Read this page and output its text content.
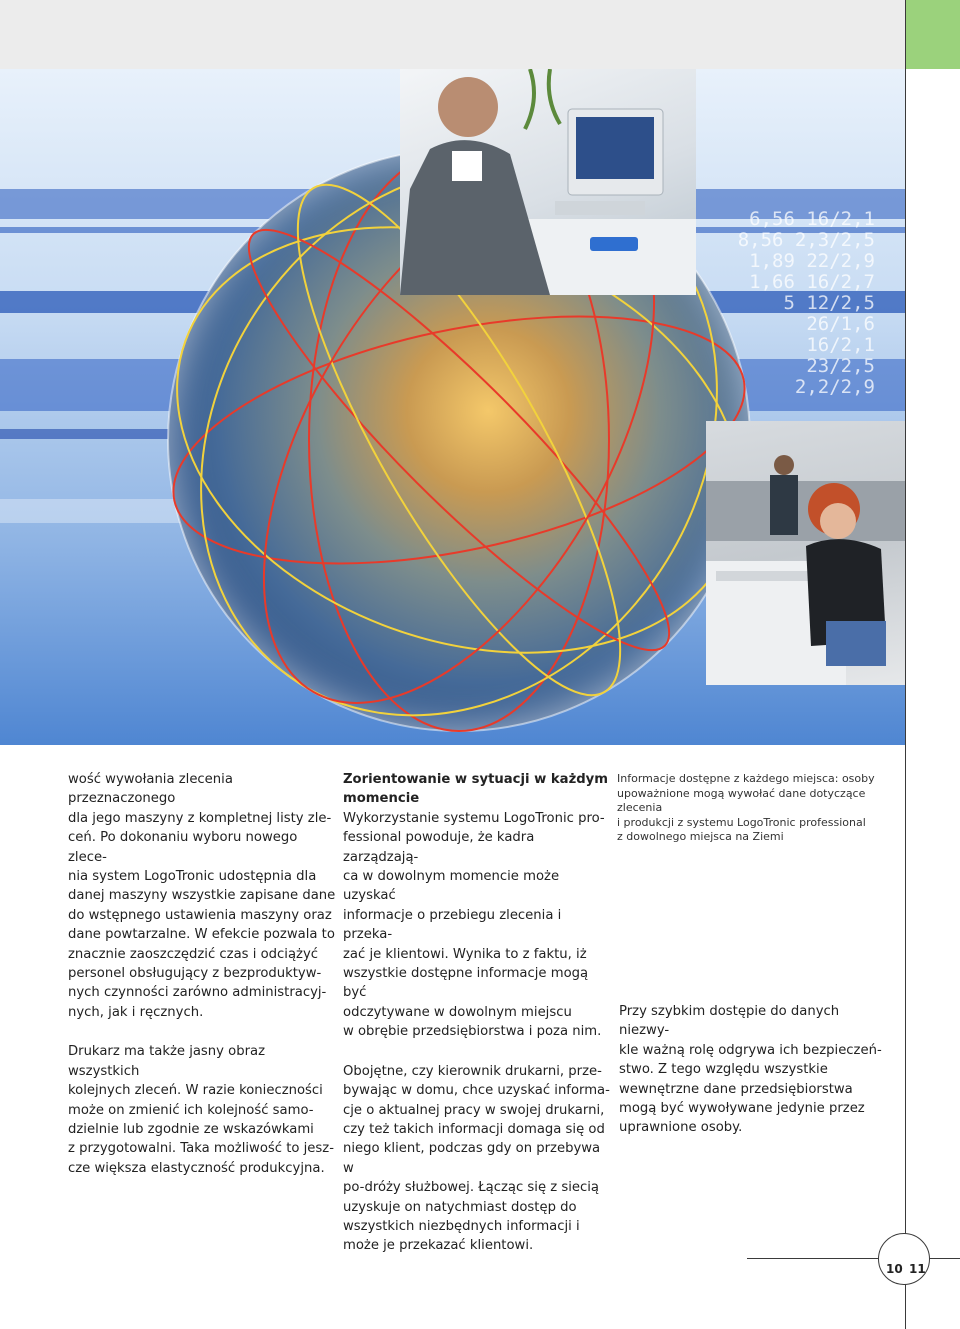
6,56 16/2,1
8,56 2,3/2,5
1,89 22/2,9
1,66 16/2,7
5 12/2,5
26/1,6
16/2,1
23/2,5
2,2/2,9

wość wywołania zlecenia przeznaczonego
dla jego maszyny z kompletnej listy zle-
ceń. Po dokonaniu wyboru nowego zlece-
nia system LogoTronic udostępnia dla
danej maszyny wszystkie zapisane dane
do wstępnego ustawienia maszyny oraz
dane powtarzalne. W efekcie pozwala to
znacznie zaoszczędzić czas i odciążyć
personel obsługujący z bezproduktyw-
nych czynności zarówno administracyj-
nych, jak i ręcznych.

Drukarz ma także jasny obraz wszystkich
kolejnych zleceń. W razie konieczności
może on zmienić ich kolejność samo-
dzielnie lub zgodnie ze wskazówkami
z przygotowalni. Taka możliwość to jesz-
cze większa elastyczność produkcyjna.

Zorientowanie w sytuacji w każdym
momencie

Wykorzystanie systemu LogoTronic pro-
fessional powoduje, że kadra zarządzają-
ca w dowolnym momencie może uzyskać
informacje o przebiegu zlecenia i przeka-
zać je klientowi. Wynika to z faktu, iż
wszystkie dostępne informacje mogą być
odczytywane w dowolnym miejscu
w obrębie przedsiębiorstwa i poza nim.

Obojętne, czy kierownik drukarni, prze-
bywając w domu, chce uzyskać informa-
cje o aktualnej pracy w swojej drukarni,
czy też takich informacji domaga się od
niego klient, podczas gdy on przebywa w
po-dróży służbowej. Łącząc się z siecią
uzyskuje on natychmiast dostęp do
wszystkich niezbędnych informacji i
może je przekazać klientowi.

Informacje dostępne z każdego miejsca: osoby
upoważnione mogą wywołać dane dotyczące zlecenia
i produkcji z systemu LogoTronic professional
z dowolnego miejsca na Ziemi

Przy szybkim dostępie do danych niezwy-
kle ważną rolę odgrywa ich bezpieczeń-
stwo. Z tego względu wszystkie
wewnętrzne dane przedsiębiorstwa
mogą być wywoływane jedynie przez
uprawnione osoby.

10 11
